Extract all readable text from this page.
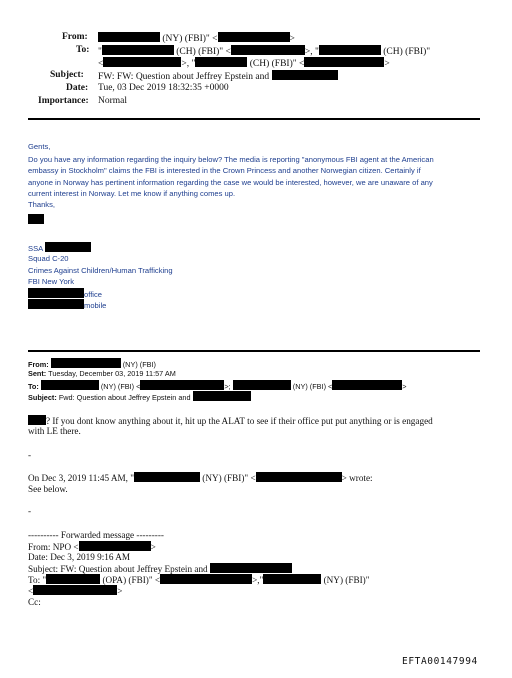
From:	(NY) (FBI)" <	>
To: "	(CH) (FBI)" <	>, "	(CH) (FBI)"
<	>, "	(CH) (FBI)" <	>
Subject: FW: FW: Question about Jeffrey Epstein and
Date: Tue, 03 Dec 2019 18:32:35 +0000
Importance: Normal
Gents,
Do you have any information regarding the inquiry below? The media is reporting "anonymous FBI agent at the American
embassy in Stockholm" claims the FBI is interested in the Crown Princess and another Norwegian citizen. Certainly if
anyone in Norway has pertinent information regarding the case we would be interested, however, we are unaware of any
current interest in Norway. Let me know if anything comes up.
Thanks,
SSA
Squad C-20
Crimes Against Children/Human Trafficking
FBI New York
office
mobile
From:	(NY) (FBI)
Sent: Tuesday, December 03, 2019 11:57 AM
To:	(NY) (FBI) <	>;	(NY) (FBI) <	>
Subject: Fwd: Question about Jeffrey Epstein and
? If you dont know anything about it, hit up the ALAT to see if their office put put anything or is engaged
with LE there.
-
On Dec 3, 2019 11:45 AM, "	(NY) (FBI)" <	> wrote:
See below.
-
---------- Forwarded message ---------
From: NPO <	>
Date: Dec 3, 2019 9:16 AM
Subject: FW: Question about Jeffrey Epstein and
To: "	(OPA) (FBI)" <	>,"	(NY) (FBI)"
<	>
Cc:
EFTA00147994
